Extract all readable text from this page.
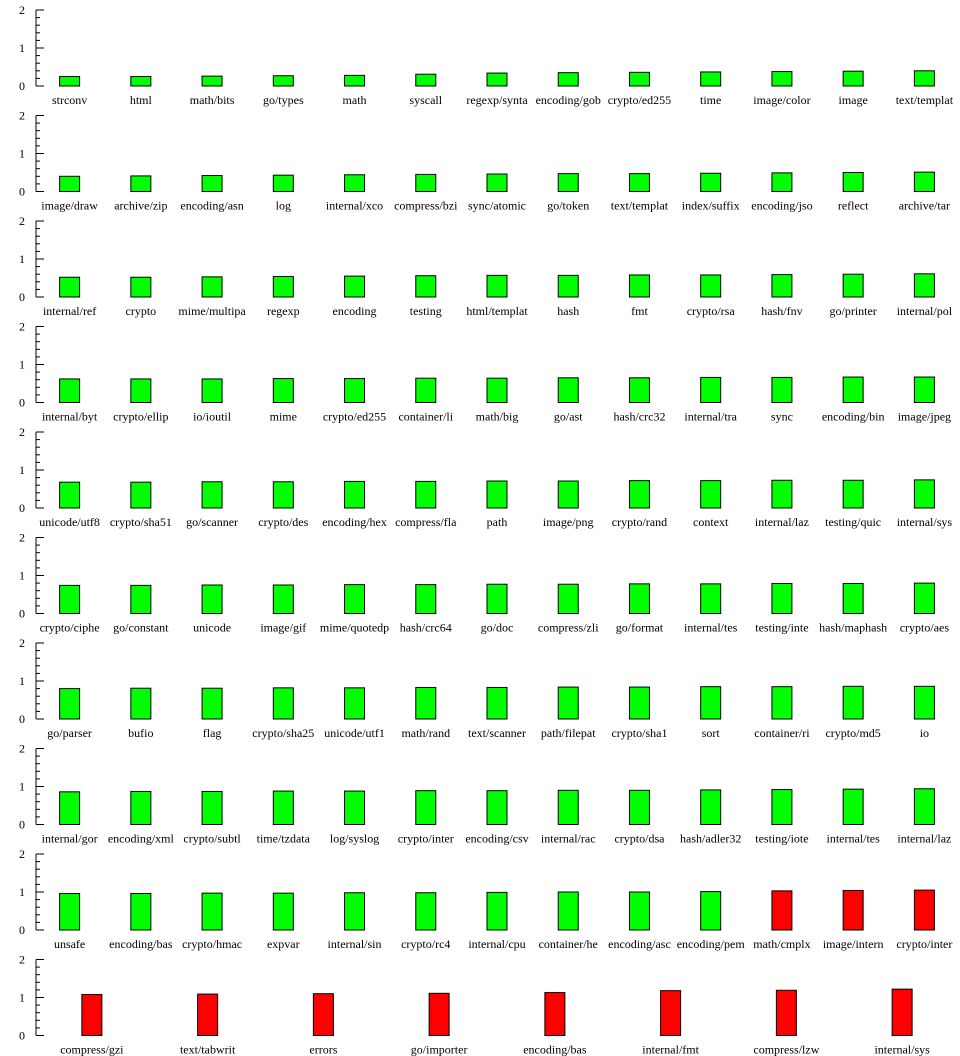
0
1
2
strconv	html	math/bits go/types	math	syscall regexp/synta encoding/gob crypto/ed255 time	image/color image text/templat
0
1
2
image/draw archive/zip encoding/asn	log	internal/xco compress/bzi sync/atomic go/token text/templat index/suffix encoding/jso reflect	archive/tar
0
1
2
internal/ref crypto mime/multipa regexp	encoding	testing html/templat hash	fmt	crypto/rsa hash/fnv go/printer internal/pol
0
1
2
internal/byt crypto/ellip io/ioutil	mime crypto/ed255 container/li math/big	go/ast	hash/crc32 internal/tra	sync encoding/bin image/jpeg
0
1
2
unicode/utf8 crypto/sha51 go/scanner crypto/des encoding/hex compress/fla	path	image/png crypto/rand context internal/laz testing/quic internal/sys
0
1
2
crypto/ciphe go/constant unicode image/gif mime/quotedp hash/crc64 go/doc compress/zli go/format internal/tes testing/inte hash/maphash crypto/aes
0
1
2
go/parser	bufio	flag	crypto/sha25 unicode/utf1 math/rand text/scanner path/filepat crypto/sha1	sort	container/ri crypto/md5	io
0
1
2
internal/gor encoding/xml crypto/subtl time/tzdata log/syslog crypto/inter encoding/csv internal/rac crypto/dsa hash/adler32 testing/iote internal/tes internal/laz
0
1
2
unsafe encoding/bas crypto/hmac expvar internal/sin crypto/rc4 internal/cpu container/he encoding/asc encoding/pem math/cmplx image/intern crypto/inter
0
1
2
compress/gzi	text/tabwrit	errors	go/importer	encoding/bas	internal/fmt	compress/lzw	internal/sys
